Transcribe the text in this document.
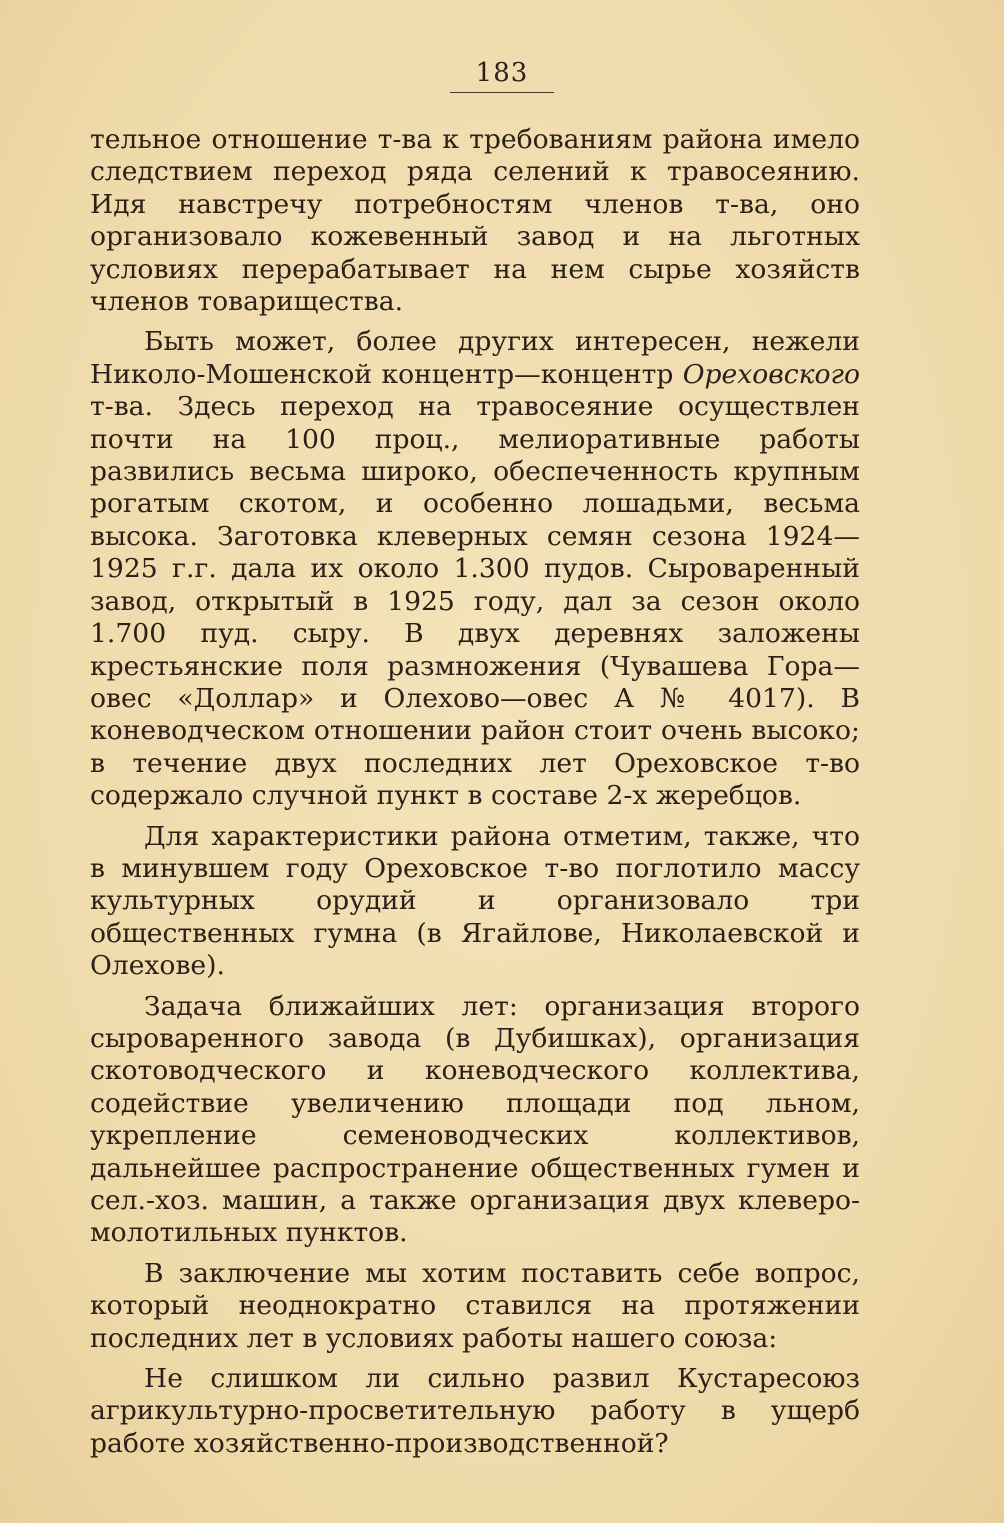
183

тельное отношение т-ва к требованиям района имело следствием переход ряда селений к травосеянию. Идя навстречу потребностям членов т-ва, оно организовало кожевенный завод и на льготных условиях перерабатывает на нем сырье хозяйств членов товарищества.

Быть может, более других интересен, нежели Николо-Мошенской концентр—концентр Ореховского т-ва. Здесь переход на травосеяние осуществлен почти на 100 проц., мелиоративные работы развились весьма широко, обеспеченность крупным рогатым скотом, и особенно лошадьми, весьма высока. Заготовка клеверных семян сезона 1924—1925 г.г. дала их около 1.300 пудов. Сыроваренный завод, открытый в 1925 году, дал за сезон около 1.700 пуд. сыру. В двух деревнях заложены крестьянские поля размножения (Чувашева Гора—овес «Доллар» и Олехово—овес А № 4017). В коневодческом отношении район стоит очень высоко; в течение двух последних лет Ореховское т-во содержало случной пункт в составе 2-х жеребцов.

Для характеристики района отметим, также, что в минувшем году Ореховское т-во поглотило массу культурных орудий и организовало три общественных гумна (в Ягайлове, Николаевской и Олехове).

Задача ближайших лет: организация второго сыроваренного завода (в Дубишках), организация скотоводческого и коневодческого коллектива, содействие увеличению площади под льном, укрепление семеноводческих коллективов, дальнейшее распространение общественных гумен и сел.-хоз. машин, а также организация двух клеверо-молотильных пунктов.

В заключение мы хотим поставить себе вопрос, который неоднократно ставился на протяжении последних лет в условиях работы нашего союза:

Не слишком ли сильно развил Кустаресоюз агрикультурно-просветительную работу в ущерб работе хозяйственно-производственной?
